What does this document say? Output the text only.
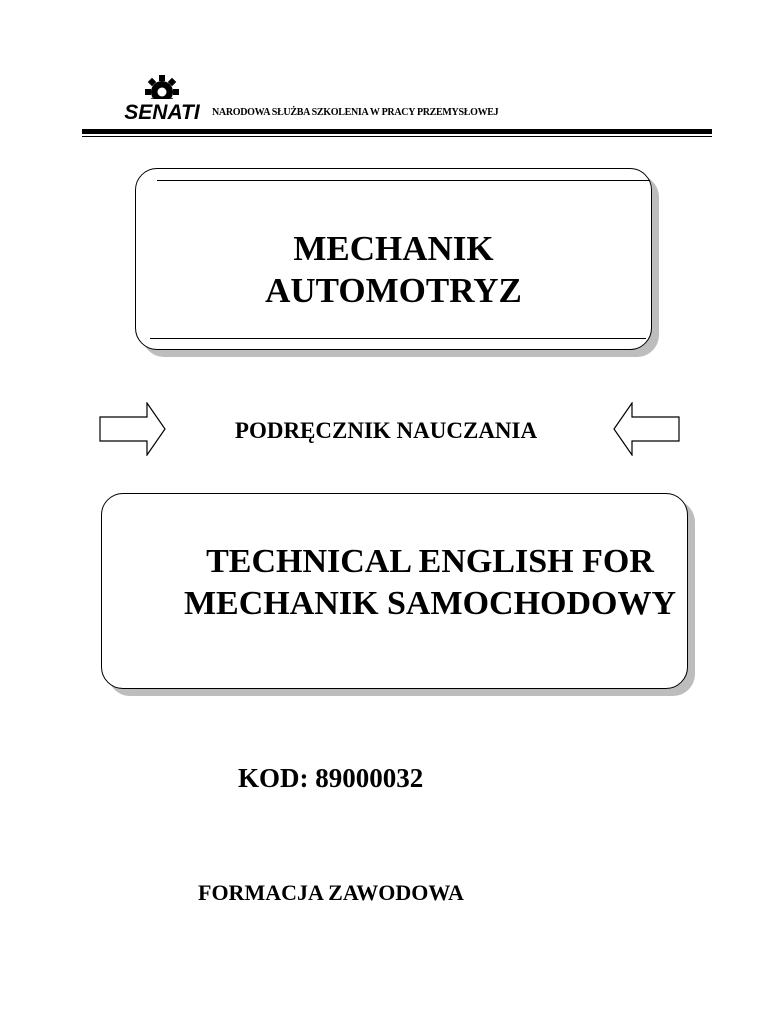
SENATI NARODOWA SŁUŻBA SZKOLENIA W PRACY PRZEMYSŁOWEJ
MECHANIK
AUTOMOTRYZ
PODRĘCZNIK NAUCZANIA
TECHNICAL ENGLISH FOR
MECHANIK SAMOCHODOWY
KOD: 89000032
FORMACJA ZAWODOWA
